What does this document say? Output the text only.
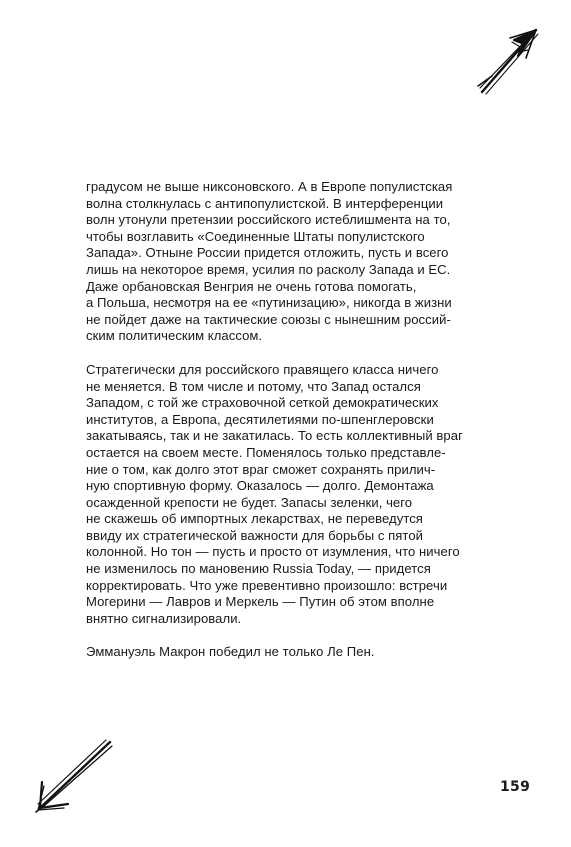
градусом не выше никсоновского. А в Европе популистская
волна столкнулась с антипопулистской. В интерференции
волн утонули претензии российского истеблишмента на то,
чтобы возглавить «Соединенные Штаты популистского
Запада». Отныне России придется отложить, пусть и всего
лишь на некоторое время, усилия по расколу Запада и ЕС.
Даже орбановская Венгрия не очень готова помогать,
а Польша, несмотря на ее «путинизацию», никогда в жизни
не пойдет даже на тактические союзы с нынешним россий-
ским политическим классом.

Стратегически для российского правящего класса ничего
не меняется. В том числе и потому, что Запад остался
Западом, с той же страховочной сеткой демократических
институтов, а Европа, десятилетиями по-шпенглеровски
закатываясь, так и не закатилась. То есть коллективный враг
остается на своем месте. Поменялось только представле-
ние о том, как долго этот враг сможет сохранять прилич-
ную спортивную форму. Оказалось — долго. Демонтажа
осажденной крепости не будет. Запасы зеленки, чего
не скажешь об импортных лекарствах, не переведутся
ввиду их стратегической важности для борьбы с пятой
колонной. Но тон — пусть и просто от изумления, что ничего
не изменилось по мановению Russia Today, — придется
корректировать. Что уже превентивно произошло: встречи
Могерини — Лавров и Меркель — Путин об этом вполне
внятно сигнализировали.

Эммануэль Макрон победил не только Ле Пен.

159
